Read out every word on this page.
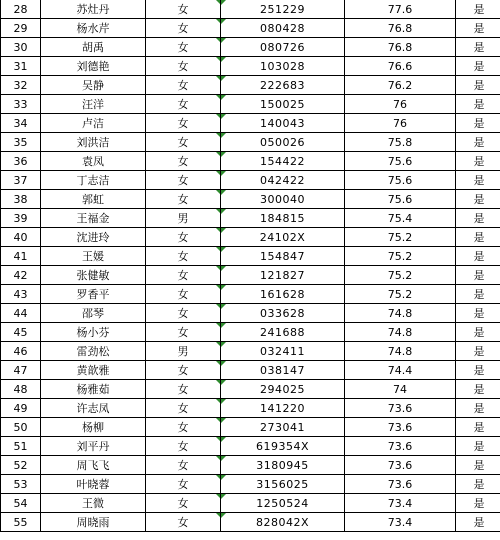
28	苏灶丹	女	251229	77.6	是
29	杨水芹	女	080428	76.8	是
30	胡禹	女	080726	76.8	是
31	刘德艳	女	103028	76.6	是
32	吴静	女	222683	76.2	是
33	汪洋	女	150025	76	是
34	卢洁	女	140043	76	是
35	刘洪洁	女	050026	75.8	是
36	袁凤	女	154422	75.6	是
37	丁志洁	女	042422	75.6	是
38	郭虹	女	300040	75.6	是
39	王福金	男	184815	75.4	是
40	沈进玲	女	24102X	75.2	是
41	王媛	女	154847	75.2	是
42	张健敏	女	121827	75.2	是
43	罗香平	女	161628	75.2	是
44	邵琴	女	033628	74.8	是
45	杨小芬	女	241688	74.8	是
46	雷劲松	男	032411	74.8	是
47	黄歆雅	女	038147	74.4	是
48	杨雅茹	女	294025	74	是
49	许志凤	女	141220	73.6	是
50	杨柳	女	273041	73.6	是
51	刘平丹	女	619354X	73.6	是
52	周飞飞	女	3180945	73.6	是
53	叶晓蓉	女	3156025	73.6	是
54	王微	女	1250524	73.4	是
55	周晓雨	女	828042X	73.4	是
